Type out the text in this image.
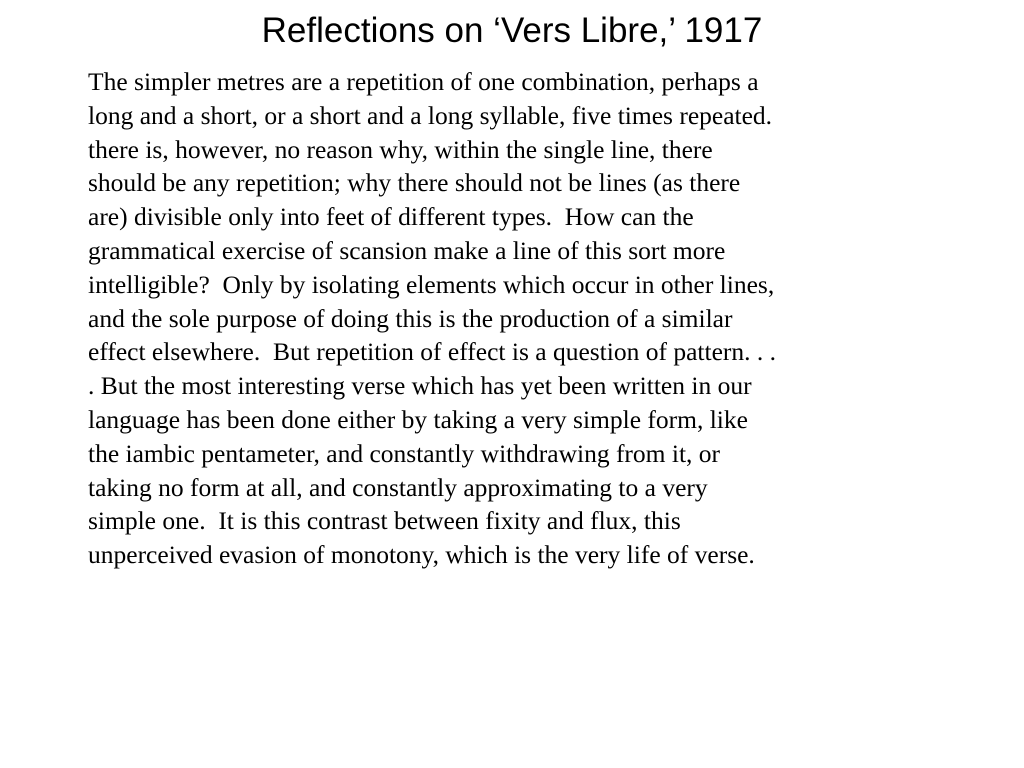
Reflections on ‘Vers Libre,’ 1917
The simpler metres are a repetition of one combination, perhaps a
long and a short, or a short and a long syllable, five times repeated.
there is, however, no reason why, within the single line, there
should be any repetition; why there should not be lines (as there
are) divisible only into feet of different types.  How can the
grammatical exercise of scansion make a line of this sort more
intelligible?  Only by isolating elements which occur in other lines,
and the sole purpose of doing this is the production of a similar
effect elsewhere.  But repetition of effect is a question of pattern. . .
. But the most interesting verse which has yet been written in our
language has been done either by taking a very simple form, like
the iambic pentameter, and constantly withdrawing from it, or
taking no form at all, and constantly approximating to a very
simple one.  It is this contrast between fixity and flux, this
unperceived evasion of monotony, which is the very life of verse.
